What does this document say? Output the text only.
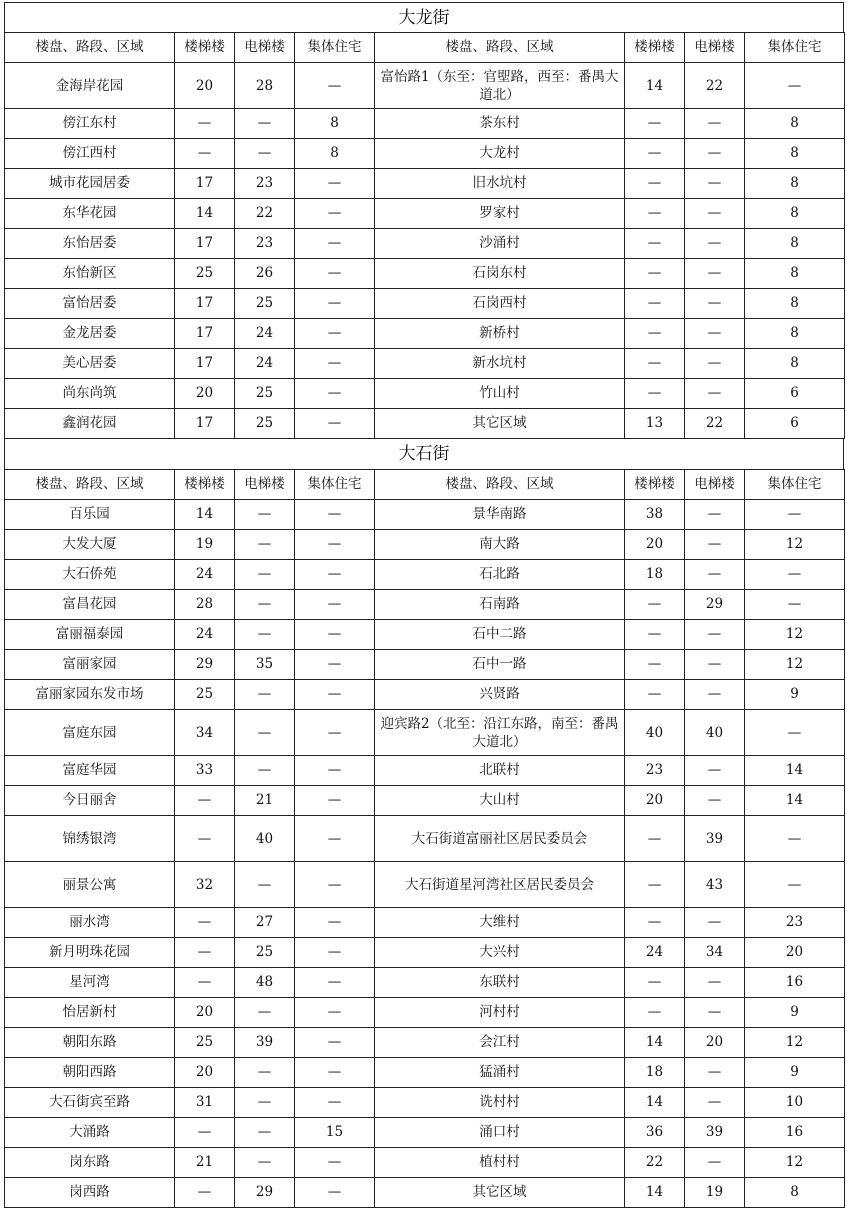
大龙街
楼盘、路段、区域	楼梯楼	电梯楼	集体住宅	楼盘、路段、区域	楼梯楼	电梯楼	集体住宅
金海岸花园	20	28	—	富怡路1（东至：官堲路，西至：番禺大道北）	14	22	—
傍江东村	—	—	8	茶东村	—	—	8
傍江西村	—	—	8	大龙村	—	—	8
城市花园居委	17	23	—	旧水坑村	—	—	8
东华花园	14	22	—	罗家村	—	—	8
东怡居委	17	23	—	沙涌村	—	—	8
东怡新区	25	26	—	石岗东村	—	—	8
富怡居委	17	25	—	石岗西村	—	—	8
金龙居委	17	24	—	新桥村	—	—	8
美心居委	17	24	—	新水坑村	—	—	8
尚东尚筑	20	25	—	竹山村	—	—	6
鑫润花园	17	25	—	其它区域	13	22	6
大石街
楼盘、路段、区域	楼梯楼	电梯楼	集体住宅	楼盘、路段、区域	楼梯楼	电梯楼	集体住宅
百乐园	14	—	—	景华南路	38	—	—
大发大厦	19	—	—	南大路	20	—	12
大石侨苑	24	—	—	石北路	18	—	—
富昌花园	28	—	—	石南路	—	29	—
富丽福泰园	24	—	—	石中二路	—	—	12
富丽家园	29	35	—	石中一路	—	—	12
富丽家园东发市场	25	—	—	兴贤路	—	—	9
富庭东园	34	—	—	迎宾路2（北至：沿江东路，南至：番禺大道北）	40	40	—
富庭华园	33	—	—	北联村	23	—	14
今日丽舍	—	21	—	大山村	20	—	14
锦绣银湾	—	40	—	大石街道富丽社区居民委员会	—	39	—
丽景公寓	32	—	—	大石街道星河湾社区居民委员会	—	43	—
丽水湾	—	27	—	大维村	—	—	23
新月明珠花园	—	25	—	大兴村	24	34	20
星河湾	—	48	—	东联村	—	—	16
怡居新村	20	—	—	河村村	—	—	9
朝阳东路	25	39	—	会江村	14	20	12
朝阳西路	20	—	—	猛涌村	18	—	9
大石街宾至路	31	—	—	诜村村	14	—	10
大涌路	—	—	15	涌口村	36	39	16
岗东路	21	—	—	植村村	22	—	12
岗西路	—	29	—	其它区域	14	19	8
